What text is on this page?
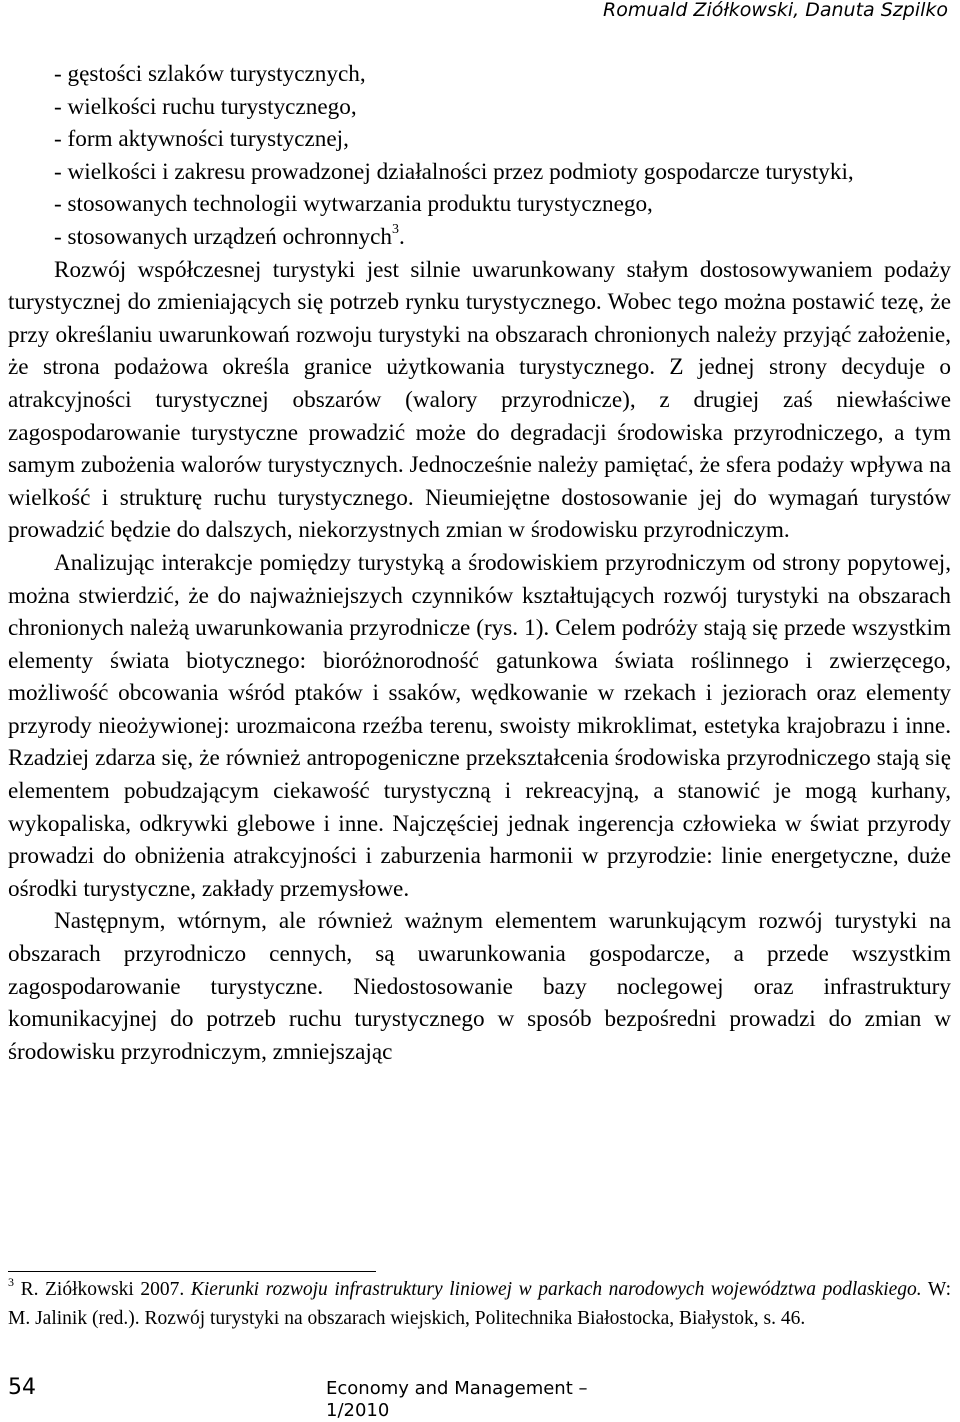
Romuald Ziółkowski, Danuta Szpilko
- gęstości szlaków turystycznych,
- wielkości ruchu turystycznego,
- form aktywności turystycznej,
- wielkości i zakresu prowadzonej działalności przez podmioty gospodarcze turystyki,
- stosowanych technologii wytwarzania produktu turystycznego,
- stosowanych urządzeń ochronnych$^3$.

Rozwój współczesnej turystyki jest silnie uwarunkowany stałym dostosowywaniem podaży turystycznej do zmieniających się potrzeb rynku turystycznego. Wobec tego można postawić tezę, że przy określaniu uwarunkowań rozwoju turystyki na obszarach chronionych należy przyjąć założenie, że strona podażowa określa granice użytkowania turystycznego. Z jednej strony decyduje o atrakcyjności turystycznej obszarów (walory przyrodnicze), z drugiej zaś niewłaściwe zagospodarowanie turystyczne prowadzić może do degradacji środowiska przyrodniczego, a tym samym zubożenia walorów turystycznych. Jednocześnie należy pamiętać, że sfera podaży wpływa na wielkość i strukturę ruchu turystycznego. Nieumiejętne dostosowanie jej do wymagań turystów prowadzić będzie do dalszych, niekorzystnych zmian w środowisku przyrodniczym.

Analizując interakcje pomiędzy turystyką a środowiskiem przyrodniczym od strony popytowej, można stwierdzić, że do najważniejszych czynników kształtujących rozwój turystyki na obszarach chronionych należą uwarunkowania przyrodnicze (rys. 1). Celem podróży stają się przede wszystkim elementy świata biotycznego: bioróżnorodność gatunkowa świata roślinnego i zwierzęcego, możliwość obcowania wśród ptaków i ssaków, wędkowanie w rzekach i jeziorach oraz elementy przyrody nieożywionej: urozmaicona rzeźba terenu, swoisty mikroklimat, estetyka krajobrazu i inne. Rzadziej zdarza się, że również antropogeniczne przekształcenia środowiska przyrodniczego stają się elementem pobudzającym ciekawość turystyczną i rekreacyjną, a stanowić je mogą kurhany, wykopaliska, odkrywki glebowe i inne. Najczęściej jednak ingerencja człowieka w świat przyrody prowadzi do obniżenia atrakcyjności i zaburzenia harmonii w przyrodzie: linie energetyczne, duże ośrodki turystyczne, zakłady przemysłowe.

Następnym, wtórnym, ale również ważnym elementem warunkującym rozwój turystyki na obszarach przyrodniczo cennych, są uwarunkowania gospodarcze, a przede wszystkim zagospodarowanie turystyczne. Niedostosowanie bazy noclegowej oraz infrastruktury komunikacyjnej do potrzeb ruchu turystycznego w sposób bezpośredni prowadzi do zmian w środowisku przyrodniczym, zmniejszając

$^3$ R. Ziółkowski 2007. Kierunki rozwoju infrastruktury liniowej w parkach narodowych województwa podlaskiego. W: M. Jalinik (red.). Rozwój turystyki na obszarach wiejskich, Politechnika Białostocka, Białystok, s. 46.
54	Economy and Management – 1/2010
